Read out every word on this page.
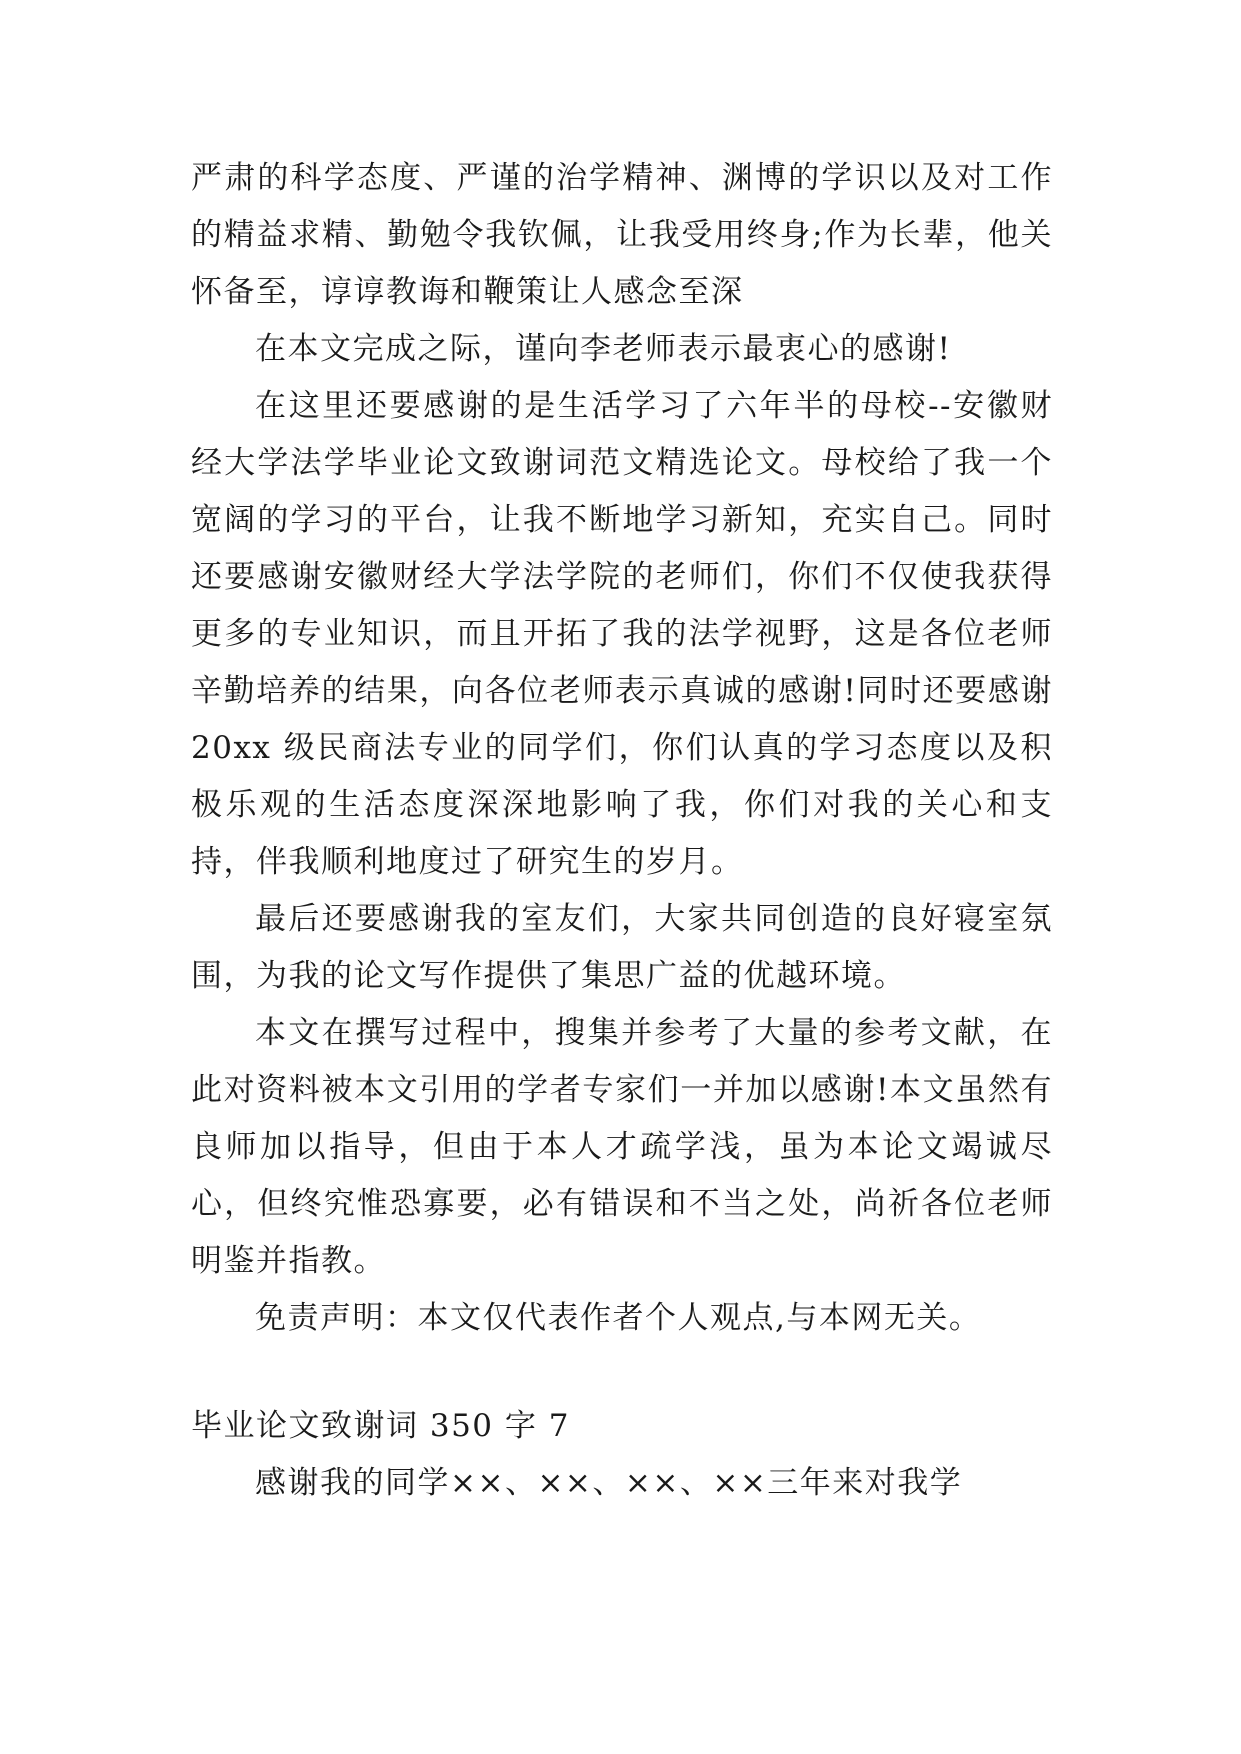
严肃的科学态度、严谨的治学精神、渊博的学识以及对工作的精益求精、勤勉令我钦佩，让我受用终身;作为长辈，他关怀备至，谆谆教诲和鞭策让人感念至深

在本文完成之际，谨向李老师表示最衷心的感谢!

在这里还要感谢的是生活学习了六年半的母校--安徽财经大学法学毕业论文致谢词范文精选论文。母校给了我一个宽阔的学习的平台，让我不断地学习新知，充实自己。同时还要感谢安徽财经大学法学院的老师们，你们不仅使我获得更多的专业知识，而且开拓了我的法学视野，这是各位老师辛勤培养的结果，向各位老师表示真诚的感谢!同时还要感谢 20xx 级民商法专业的同学们，你们认真的学习态度以及积极乐观的生活态度深深地影响了我，你们对我的关心和支持，伴我顺利地度过了研究生的岁月。

最后还要感谢我的室友们，大家共同创造的良好寝室氛围，为我的论文写作提供了集思广益的优越环境。

本文在撰写过程中，搜集并参考了大量的参考文献，在此对资料被本文引用的学者专家们一并加以感谢!本文虽然有良师加以指导，但由于本人才疏学浅，虽为本论文竭诚尽心，但终究惟恐寡要，必有错误和不当之处，尚祈各位老师明鉴并指教。

免责声明：本文仅代表作者个人观点,与本网无关。

毕业论文致谢词 350 字 7

感谢我的同学××、××、××、××三年来对我学
